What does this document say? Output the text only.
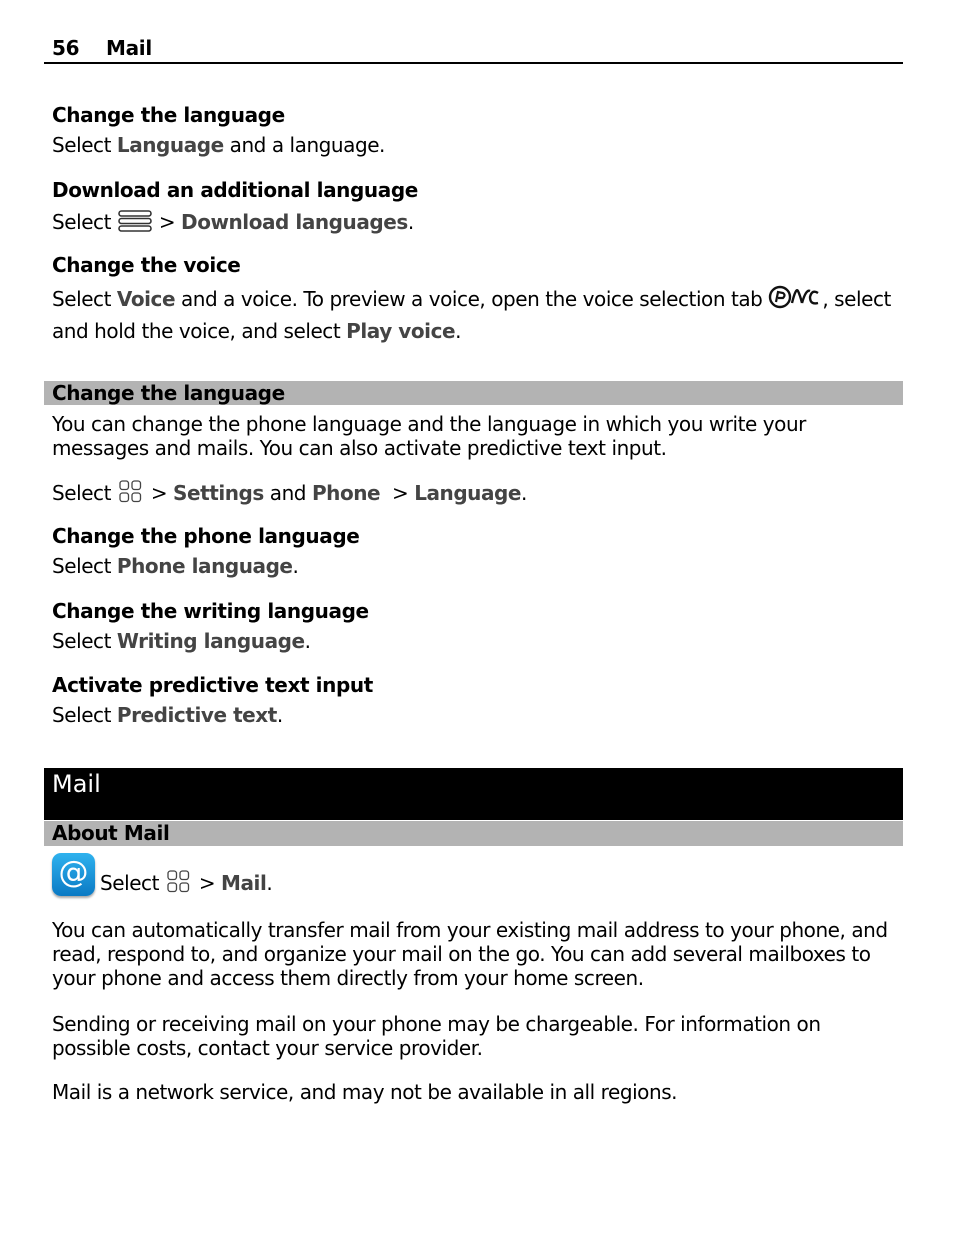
56 Mail
Change the language
Select Language and a language.
Download an additional language
Select  > Download languages.
Change the voice
Select Voice and a voice. To preview a voice, open the voice selection tab	, select and hold the voice, and select Play voice.
Change the language
You can change the phone language and the language in which you write your messages and mails. You can also activate predictive text input.
Select  > Settings and Phone  > Language.
Change the phone language
Select Phone language.
Change the writing language
Select Writing language.
Activate predictive text input
Select Predictive text.
Mail
About Mail
@ Select  > Mail.
You can automatically transfer mail from your existing mail address to your phone, and read, respond to, and organize your mail on the go. You can add several mailboxes to your phone and access them directly from your home screen.
Sending or receiving mail on your phone may be chargeable. For information on possible costs, contact your service provider.
Mail is a network service, and may not be available in all regions.
